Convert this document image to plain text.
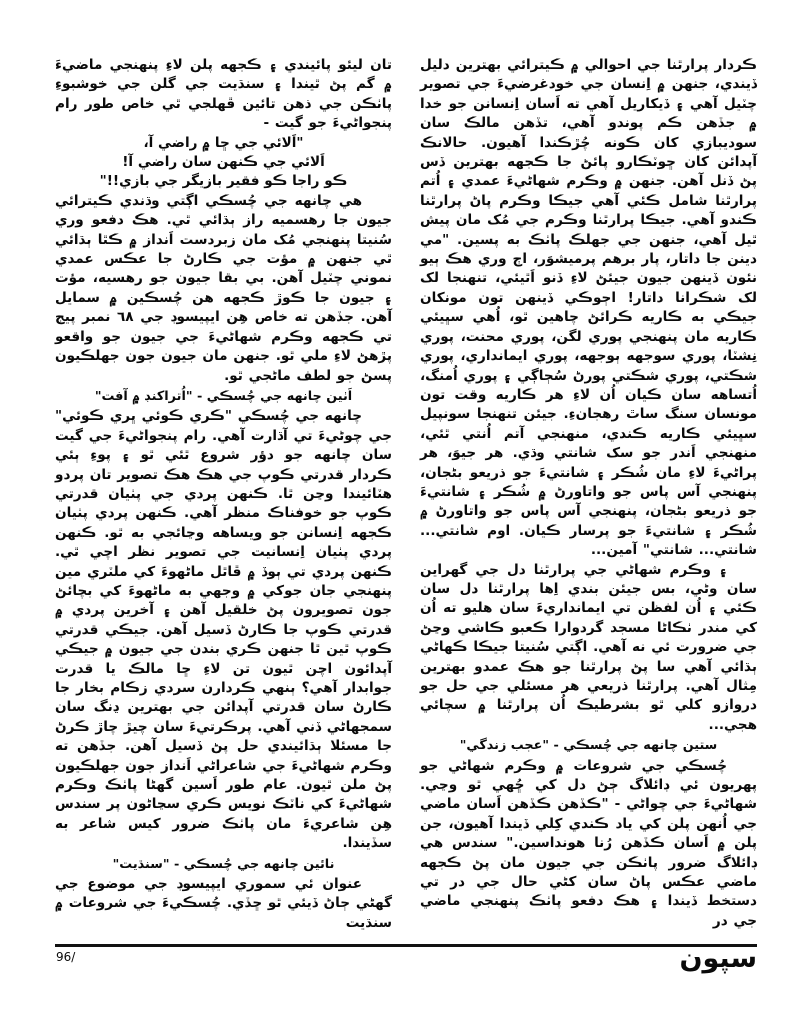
ڪردار پرارٿنا جي احوالي ۾ ڪيترائي بهترين دليل ڏيندي، جنهن ۾ اِنسان جي خودغرضيءَ جي تصوير چٽيل آهي ۽ ڏيکاريل آهي ته اَسان اِنسانن جو خدا ۾ جڏهن ڪم پوندو آهي، تڏهن مالڪ سان سوديبازي کان ڪونه چُڙڪندا آهيون. حالانڪ آپدائن کان ڇوٽڪارو پائڻ جا ڪجهه بهترين ڏس پڻ ڏنل آهن. جنهن ۾ وڪرم شهاڻيءَ عمدي ۽ اُتم پرارٿنا شامل ڪئي آهي جيڪا وڪرم پاڻ پرارٿنا ڪندو آهي. جيڪا پرارٿنا وڪرم جي مُک مان پيش ٿيل آهي، جنهن جي جهلڪ پاٺڪ به پسين. "مي دينن جا داتار، پار برهم پرميشوَر، اڄ وري هڪ ٻيو نئون ڏينهن جيون جيئڻ لاءِ ڏنو اَٿيئي، تنهنجا لک لک شڪرانا داتار! اڄوڪي ڏينهن تون مونکان جيڪي به ڪاريه ڪرائڻ چاهين ٿو، اُهي سڀيئي ڪاريه مان پنهنجي پوري لگن، پوري محنت، پوري نِشٽا، پوري سوجهه ٻوجهه، پوري ايمانداري، پوري شڪتي، پوري شڪتي پورڻ سُڄاڳي ۽ پوري اُمنگ، اُتساهه سان ڪيان اُن لاءِ هر ڪاريه وقت تون مونسان سنگ ساٿ رهجانءِ. جيئن تنهنجا سونپيل سڀيئي ڪاريه ڪندي، منهنجي آتم اُنتي ٿئي، منهنجي اَندر جو سک شانتي وڌي. هر جيوَ، هر پراڻيءَ لاءِ مان شُڪر ۽ شانتيءَ جو ذريعو بڻجان، پنهنجي آس پاس جو واتاورڻ ۾ شُڪر ۽ شانتيءَ جو ذريعو بڻجان، پنهنجي آس پاس جو واتاورڻ ۾ شُڪر ۽ شانتيءَ جو پرسار ڪيان. اوم شانتي... شانتي... شانتي" آمين...

۽ وڪرم شهاڻي جي پرارٿنا دل جي گهراين سان وڻي، بس جيئن بندي اِها پرارٿنا دل سان ڪئي ۽ اُن لفظن تي ايمانداريءَ سان هليو ته اُن کي مندر ٺڪاڻا مسجد گردوارا ڪعبو ڪاشي وڃڻ جي ضرورت ئي نه آهي. اڳتي سُنيتا جيڪا ڪهاڻي ٻڌائي آهي سا پڻ پرارٿنا جو هڪ عمدو بهترين مِثال آهي. پرارٿنا ذريعي هر مسئلي جي حل جو دروازو کلي ٿو بشرطيڪ اُن پرارٿنا ۾ سچائي هجي...

ستين چانهه جي چُسڪي - "عجب زندگي"

چُسڪي جي شروعات ۾ وڪرم شهاڻي جو پهريون ئي ڊائلاگ ڄڻ دل کي ڇُهي ٿو وڃي. شهاڻيءَ جي چواڻي - "ڪڏهن ڪڏهن اَسان ماضي جي اُنهن پلن کي ياد ڪندي کِلي ڏيندا آهيون، جن پلن ۾ اَسان ڪڏهن رُنا هونداسين." سندس هي ڊائلاگ ضرور پاٺڪن جي جيون مان پڻ ڪجهه ماضي عڪس پاڻ سان کڻي حال جي در تي دستخط ڏيندا ۽ هڪ دفعو پاٺڪ پنهنجي ماضي جي در

تان ليئو پائيندي ۽ ڪجهه پلن لاءِ پنهنجي ماضيءَ ۾ گم پڻ ٿيندا ۽ سنڌيت جي گلن جي خوشبوءِ پاٺڪن جي ذهن تائين ڦهلجي ٿي خاص طور رام پنجواڻيءَ جو گيت -

"اَلائي جي ڇا ۾ راضي آ،
اَلائي جي ڪنهن سان راضي آ!
ڪو راجا ڪو فقير بازيگر جي بازي!!"

هي چانهه جي چُسڪي اڳتي وڌندي ڪيترائي جيون جا رهسميه راز ٻڌائي ٿي. هڪ دفعو وري سُنيتا پنهنجي مُک مان زبردست اَنداز ۾ ڪٿا ٻڌائي ٿي جنهن ۾ مؤت جي ڪارڻ جا عڪس عمدي نموني چٽيل آهن. بي بقا جيون جو رهسيه، مؤت ۽ جيون جا ڪوڙ ڪجهه هن چُسڪين ۾ سمايل آهن. جڏهن ته خاص هِن ايپيسوڊ جي ٦٨ نمبر پيج تي ڪجهه وڪرم شهاڻيءَ جي جيون جو واقعو پڙهڻ لاءِ ملي ٿو. جنهن مان جيون جون جهلڪيون پسڻ جو لطف ماڻجي ٿو.

اَٺين چانهه جي چُسڪي - "اُتراکنڊ ۾ آفت"

چانهه جي چُسڪي "ڪري ڪوئي ڀري ڪوئي" جي چوڻيءَ تي آڌارت آهي. رام پنجواڻيءَ جي گيت سان چانهه جو دؤر شروع ٿئي ٿو ۽ پوءِ ٻئي ڪردار قدرتي ڪوپ جي هڪ هڪ تصوير تان پردو هٽائيندا وڃن ٿا. ڪنهن پردي جي پٺيان قدرتي ڪوپ جو خوفناڪ منظر آهي. ڪنهن پردي پٺيان ڪجهه اِنسانن جو ويساهه وڃائجي به ٿو. ڪنهن پردي پٺيان اِنسانيت جي تصوير نظر اچي ٿي. ڪنهن پردي تي ٻوڏ ۾ ڦاٿل ماڻهوءَ کي ملٽري مين پنهنجي جان جوکي ۾ وجهي به ماڻهوءَ کي بچائڻ جون تصويرون پڻ خلقيل آهن ۽ آخرين پردي ۾ قدرتي ڪوپ جا ڪارڻ ڏسيل آهن. جيڪي قدرتي ڪوپ ٿين ٿا جنهن ڪري بندن جي جيون ۾ جيڪي آپدائون اچن ٿيون تن لاءِ ڇا مالڪ يا قدرت جوابدار آهي؟ ٻنهي ڪردارن سردي زڪام بخار جا ڪارڻ سان قدرتي آپدائن جي بهترين ڍنگ سان سمجهاڻي ڏني آهي. پرڪرتيءَ سان چيڙ چاڙ ڪرڻ جا مسئلا ٻڌائيندي حل پڻ ڏسيل آهن. جڏهن ته وڪرم شهاڻيءَ جي شاعراڻي اَنداز جون جهلڪيون پڻ ملن ٿيون. عام طور اَسين گهڻا پاٺڪ وڪرم شهاڻيءَ کي ناٽڪ نويس ڪري سڃاڻون پر سندس هِن شاعريءَ مان پاٺڪ ضرور کيس شاعر به سڏيندا.

نائين چانهه جي چُسڪي - "سنڌيت"

عنوان ئي سموري ايپيسوڊ جي موضوع جي گهڻي ڄاڻ ڏيئي ٿو ڇڏي. چُسڪيءَ جي شروعات ۾ سنڌيت

96/	سپون
